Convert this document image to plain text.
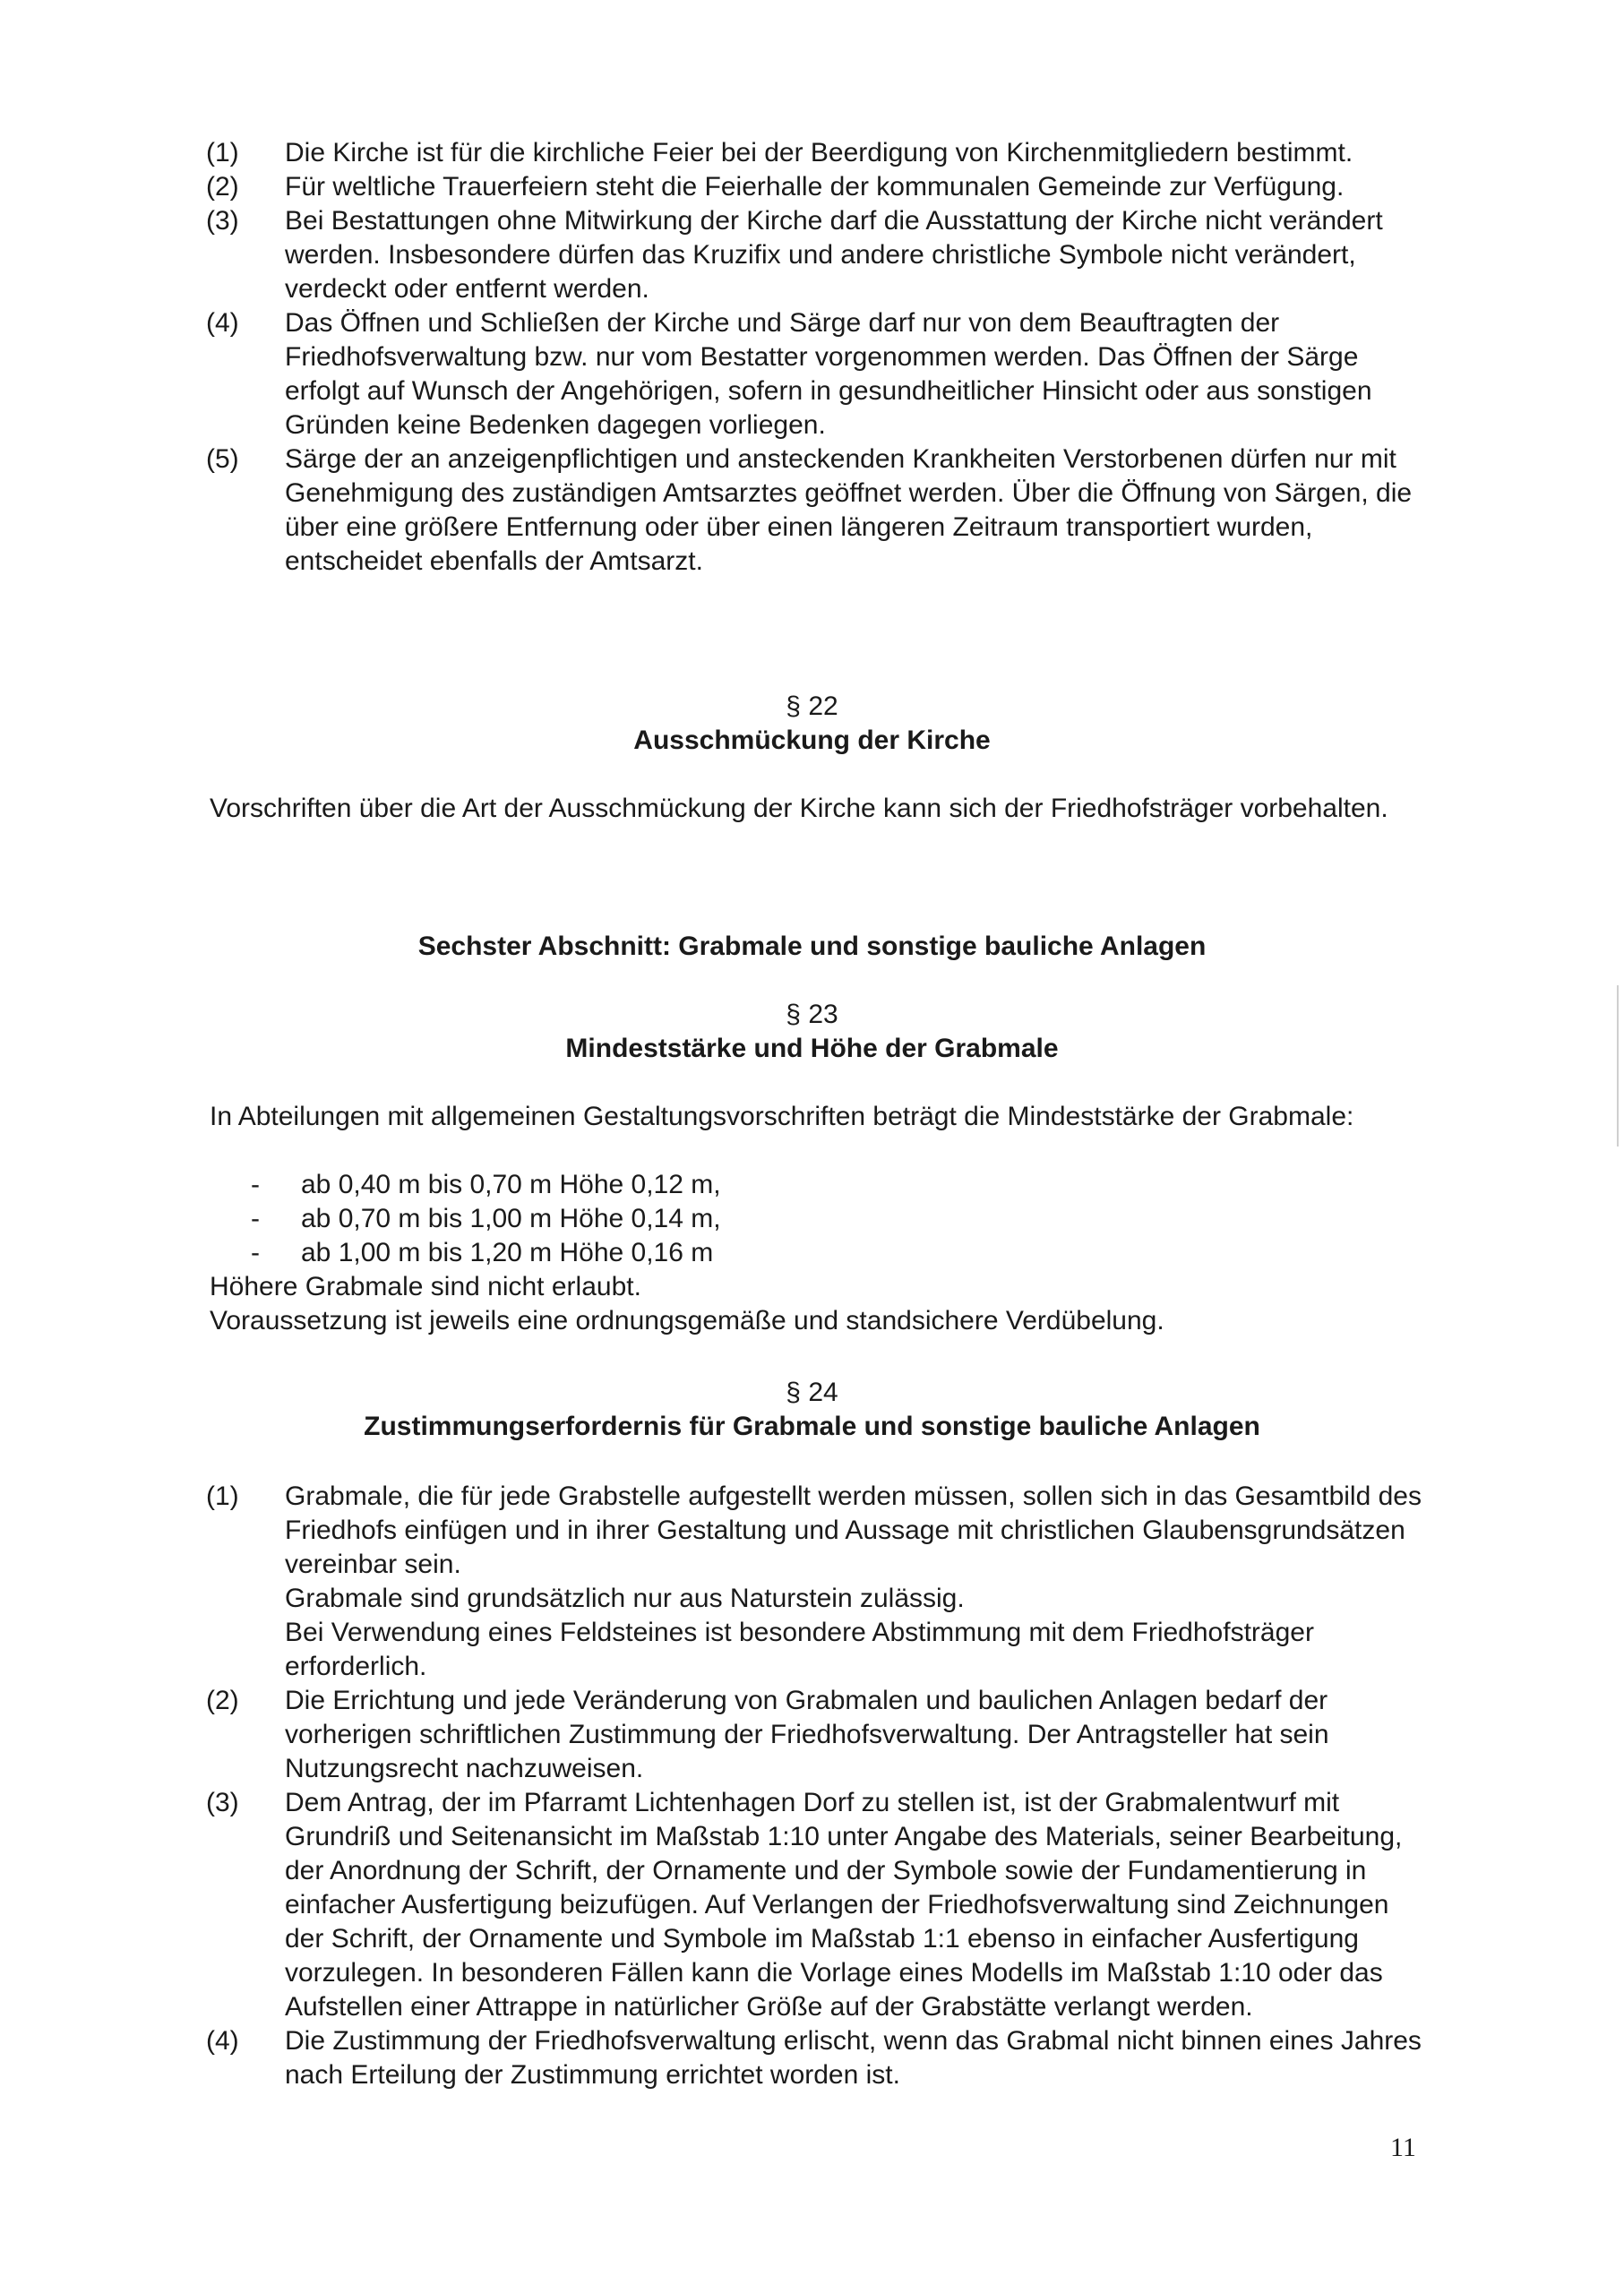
(1)	Die Kirche ist für die kirchliche Feier bei der Beerdigung von Kirchenmitgliedern bestimmt.
(2)	Für weltliche Trauerfeiern steht die Feierhalle der kommunalen Gemeinde zur Verfügung.
(3)	Bei Bestattungen ohne Mitwirkung der Kirche darf die Ausstattung der Kirche nicht verändert werden. Insbesondere dürfen das Kruzifix und andere christliche Symbole nicht verändert, verdeckt oder entfernt werden.
(4)	Das Öffnen und Schließen der Kirche und Särge darf nur von dem Beauftragten der Friedhofsverwaltung bzw. nur vom Bestatter vorgenommen werden. Das Öffnen der Särge erfolgt auf Wunsch der Angehörigen, sofern in gesundheitlicher Hinsicht oder aus sonstigen Gründen keine Bedenken dagegen vorliegen.
(5)	Särge der an anzeigenpflichtigen und ansteckenden Krankheiten Verstorbenen dürfen nur mit Genehmigung des zuständigen Amtsarztes geöffnet werden. Über die Öffnung von Särgen, die über eine größere Entfernung oder über einen längeren Zeitraum transportiert wurden, entscheidet ebenfalls der Amtsarzt.

§ 22

Ausschmückung der Kirche

Vorschriften über die Art der Ausschmückung der Kirche kann sich der Friedhofsträger vorbehalten.

Sechster Abschnitt: Grabmale und sonstige bauliche Anlagen

§ 23

Mindeststärke und Höhe der Grabmale

In Abteilungen mit allgemeinen Gestaltungsvorschriften beträgt die Mindeststärke der Grabmale:

- ab 0,40 m bis 0,70 m Höhe 0,12 m,
- ab 0,70 m bis 1,00 m Höhe 0,14 m,
- ab 1,00 m bis 1,20 m Höhe 0,16 m

Höhere Grabmale sind nicht erlaubt.

Voraussetzung ist jeweils eine ordnungsgemäße und standsichere Verdübelung.

§ 24

Zustimmungserfordernis für Grabmale und sonstige bauliche Anlagen

(1)	Grabmale, die für jede Grabstelle aufgestellt werden müssen, sollen sich in das Gesamtbild des Friedhofs einfügen und in ihrer Gestaltung und Aussage mit christlichen Glaubensgrundsätzen vereinbar sein.
Grabmale sind grundsätzlich nur aus Naturstein zulässig.
Bei Verwendung eines Feldsteines ist besondere Abstimmung mit dem Friedhofsträger erforderlich.
(2)	Die Errichtung und jede Veränderung von Grabmalen und baulichen Anlagen bedarf der vorherigen schriftlichen Zustimmung der Friedhofsverwaltung. Der Antragsteller hat sein Nutzungsrecht nachzuweisen.
(3)	Dem Antrag, der im Pfarramt Lichtenhagen Dorf zu stellen ist, ist der Grabmalentwurf mit Grundriß und Seitenansicht im Maßstab 1:10 unter Angabe des Materials, seiner Bearbeitung, der Anordnung der Schrift, der Ornamente und der Symbole sowie der Fundamentierung in einfacher Ausfertigung beizufügen. Auf Verlangen der Friedhofsverwaltung sind Zeichnungen der Schrift, der Ornamente und Symbole im Maßstab 1:1 ebenso in einfacher Ausfertigung vorzulegen. In besonderen Fällen kann die Vorlage eines Modells im Maßstab 1:10 oder das Aufstellen einer Attrappe in natürlicher Größe auf der Grabstätte verlangt werden.
(4)	Die Zustimmung der Friedhofsverwaltung erlischt, wenn das Grabmal nicht binnen eines Jahres nach Erteilung der Zustimmung errichtet worden ist.
11
